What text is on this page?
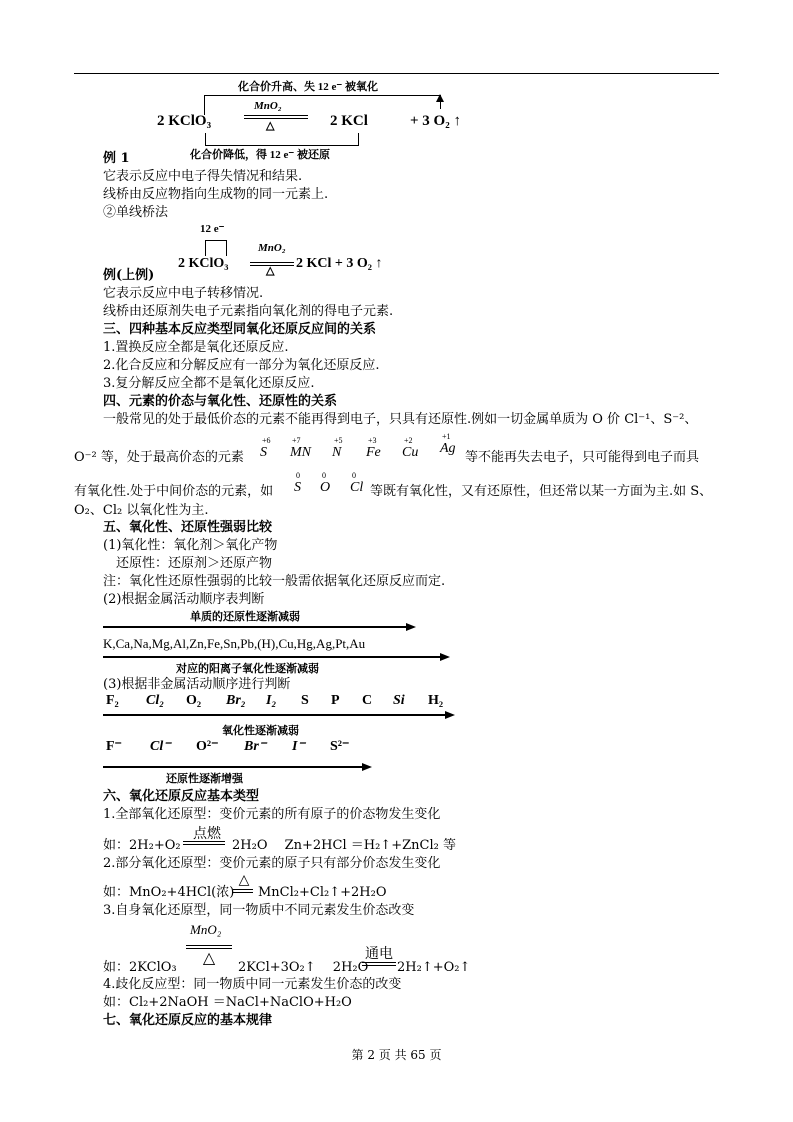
化合价升高、失 12 e⁻ 被氧化
2 KClO₃
MnO₂
△	2 KCl	+ 3 O₂ ↑
化合价降低，得 12 e⁻ 被还原
例 1
它表示反应中电子得失情况和结果.
线桥由反应物指向生成物的同一元素上.
②单线桥法
12 e⁻
2 KClO₃
MnO₂
△ 2 KCl + 3 O₂ ↑
例(上例)
它表示反应中电子转移情况.
线桥由还原剂失电子元素指向氧化剂的得电子元素.
三、四种基本反应类型同氧化还原反应间的关系
1.置换反应全都是氧化还原反应.
2.化合反应和分解反应有一部分为氧化还原反应.
3.复分解反应全都不是氧化还原反应.
四、元素的价态与氧化性、还原性的关系
一般常见的处于最低价态的元素不能再得到电子，只具有还原性.例如一切金属单质为 O 价 Cl⁻¹、S⁻²、
O⁻² 等，处于最高价态的元素
+6
S
+7
MN
+5
N
+3
Fe
+2
Cu
+1
Ag
等不能再失去电子，只可能得到电子而具
有氧化性.处于中间价态的元素，如
0
S
0
O
0
Cl 等既有氧化性，又有还原性，但还常以某一方面为主.如 S、
O₂、Cl₂ 以氧化性为主.
五、氧化性、还原性强弱比较
(1)氧化性：氧化剂＞氧化产物
还原性：还原剂＞还原产物
注：氧化性还原性强弱的比较一般需依据氧化还原反应而定.
(2)根据金属活动顺序表判断
单质的还原性逐渐减弱
K,Ca,Na,Mg,Al,Zn,Fe,Sn,Pb,(H),Cu,Hg,Ag,Pt,Au
对应的阳离子氧化性逐渐减弱
(3)根据非金属活动顺序进行判断
F₂ Cl₂ O₂ Br₂ I₂ S P C Si H₂
氧化性逐渐减弱
F⁻ Cl⁻ O²⁻ Br⁻ I⁻ S²⁻
还原性逐渐增强
六、氧化还原反应基本类型
1.全部氧化还原型：变价元素的所有原子的价态物发生变化
点燃
如：2H₂+O₂	2H₂O　 Zn+2HCl ＝H₂↑+ZnCl₂ 等
2.部分氧化还原型：变价元素的原子只有部分价态发生变化
如：MnO₂+4HCl(浓)
△
MnCl₂+Cl₂↑+2H₂O
3.自身氧化还原型，同一物质中不同元素发生价态改变
MnO₂
△
如：2KClO₃	2KCl+3O₂↑　 2H₂O
通电
2H₂↑+O₂↑
4.歧化反应型：同一物质中同一元素发生价态的改变
如：Cl₂+2NaOH ＝NaCl+NaClO+H₂O
七、氧化还原反应的基本规律
第 2 页 共 65 页
